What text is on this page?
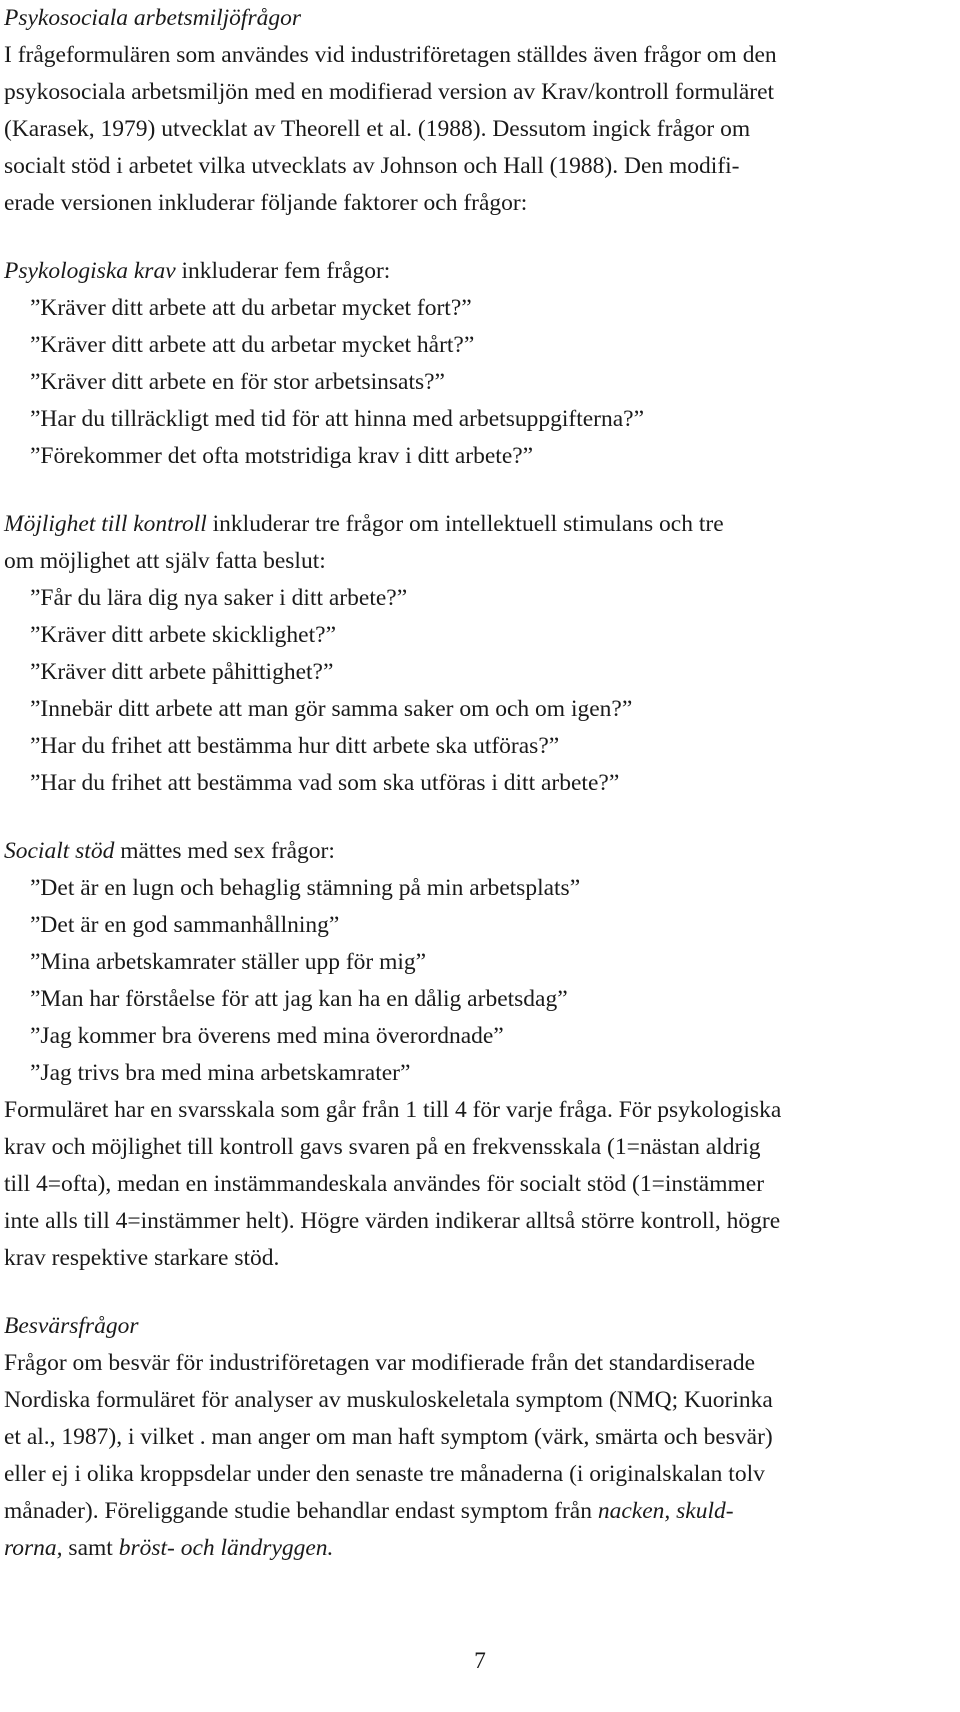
Psykosociala arbetsmiljöfrågor
I frågeformulären som användes vid industriföretagen ställdes även frågor om den
psykosociala arbetsmiljön med en modifierad version av Krav/kontroll formuläret
(Karasek, 1979) utvecklat av Theorell et al. (1988). Dessutom ingick frågor om
socialt stöd i arbetet vilka utvecklats av Johnson och Hall (1988). Den modifi-
erade versionen inkluderar följande faktorer och frågor:
Psykologiska krav inkluderar fem frågor:
”Kräver ditt arbete att du arbetar mycket fort?”
”Kräver ditt arbete att du arbetar mycket hårt?”
”Kräver ditt arbete en för stor arbetsinsats?”
”Har du tillräckligt med tid för att hinna med arbetsuppgifterna?”
”Förekommer det ofta motstridiga krav i ditt arbete?”
Möjlighet till kontroll inkluderar tre frågor om intellektuell stimulans och tre
om möjlighet att själv fatta beslut:
”Får du lära dig nya saker i ditt arbete?”
”Kräver ditt arbete skicklighet?”
”Kräver ditt arbete påhittighet?”
”Innebär ditt arbete att man gör samma saker om och om igen?”
”Har du frihet att bestämma hur ditt arbete ska utföras?”
”Har du frihet att bestämma vad som ska utföras i ditt arbete?”
Socialt stöd mättes med sex frågor:
”Det är en lugn och behaglig stämning på min arbetsplats”
”Det är en god sammanhållning”
”Mina arbetskamrater ställer upp för mig”
”Man har förståelse för att jag kan ha en dålig arbetsdag”
”Jag kommer bra överens med mina överordnade”
”Jag trivs bra med mina arbetskamrater”
Formuläret har en svarsskala som går från 1 till 4 för varje fråga. För psykologiska
krav och möjlighet till kontroll gavs svaren på en frekvensskala (1=nästan aldrig
till 4=ofta), medan en instämmandeskala användes för socialt stöd (1=instämmer
inte alls till 4=instämmer helt). Högre värden indikerar alltså större kontroll, högre
krav respektive starkare stöd.
Besvärsfrågor
Frågor om besvär för industriföretagen var modifierade från det standardiserade
Nordiska formuläret för analyser av muskuloskeletala symptom (NMQ; Kuorinka
et al., 1987), i vilket . man anger om man haft symptom (värk, smärta och besvär)
eller ej i olika kroppsdelar under den senaste tre månaderna (i originalskalan tolv
månader). Föreliggande studie behandlar endast symptom från nacken, skuld-
rorna, samt bröst- och ländryggen.
7
